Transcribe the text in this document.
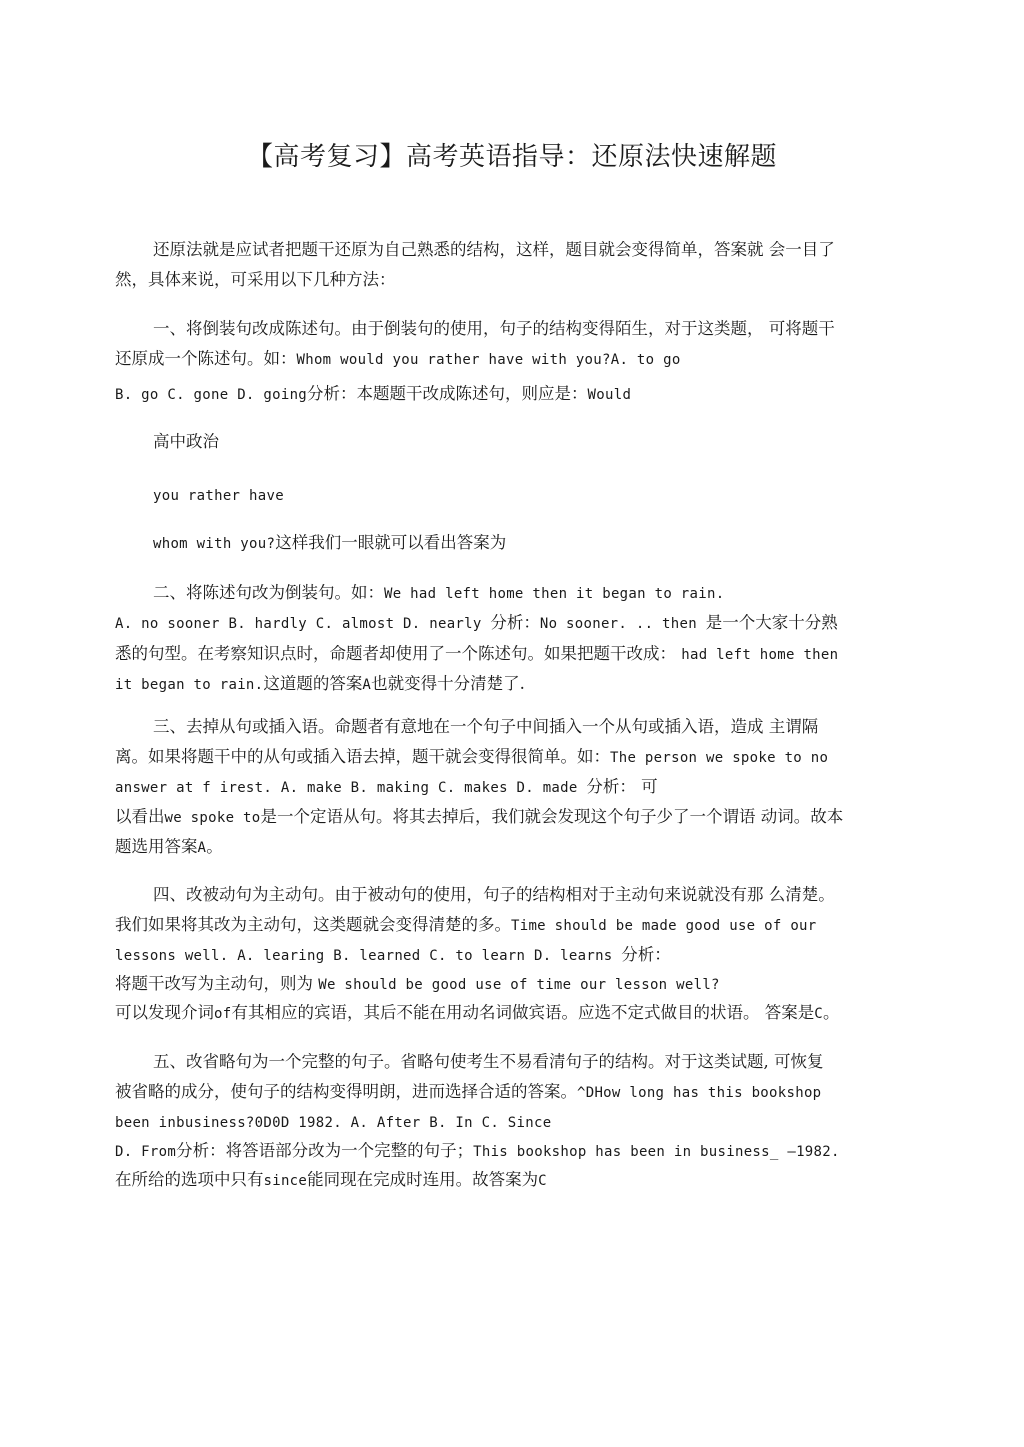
【高考复习】高考英语指导：还原法快速解题
还原法就是应试者把题干还原为自己熟悉的结构，这样，题目就会变得简单，答案就 会一目了
然，具体来说，可采用以下几种方法：
一、将倒装句改成陈述句。由于倒装句的使用，句子的结构变得陌生，对于这类题， 可将题干
还原成一个陈述句。如：Whom would you rather have with you?A. to go
B. go C. gone D. going分析：本题题干改成陈述句，则应是：Would
高中政治
you rather have
whom with you?这样我们一眼就可以看出答案为
二、将陈述句改为倒装句。如：We had left home then it began to rain.
A. no sooner B. hardly C. almost D. nearly 分析：No sooner. .. then 是一个大家十分熟
悉的句型。在考察知识点时，命题者却使用了一个陈述句。如果把题干改成： had left home then
it began to rain.这道题的答案A也就变得十分清楚了.
三、去掉从句或插入语。命题者有意地在一个句子中间插入一个从句或插入语，造成 主谓隔
离。如果将题干中的从句或插入语去掉，题干就会变得很简单。如：The person we spoke to no
answer at f irest. A. make B. making C. makes D. made 分析： 可
以看出we spoke to是一个定语从句。将其去掉后，我们就会发现这个句子少了一个谓语 动词。故本
题选用答案A。
四、改被动句为主动句。由于被动句的使用，句子的结构相对于主动句来说就没有那 么清楚。
我们如果将其改为主动句，这类题就会变得清楚的多。Time should be made good use of our
lessons well. A. learing B. learned C. to learn D. learns 分析：
将题干改写为主动句，则为 We should be good use of time our lesson well?
可以发现介词of有其相应的宾语，其后不能在用动名词做宾语。应选不定式做目的状语。 答案是C。
五、改省略句为一个完整的句子。省略句使考生不易看清句子的结构。对于这类试题, 可恢复
被省略的成分，使句子的结构变得明朗，进而选择合适的答案。^DHow long has this bookshop
been inbusiness?0D0D 1982. A. After B. In C. Since
D. From分析：将答语部分改为一个完整的句子；This bookshop has been in business_ —1982.
在所给的选项中只有since能同现在完成时连用。故答案为C
